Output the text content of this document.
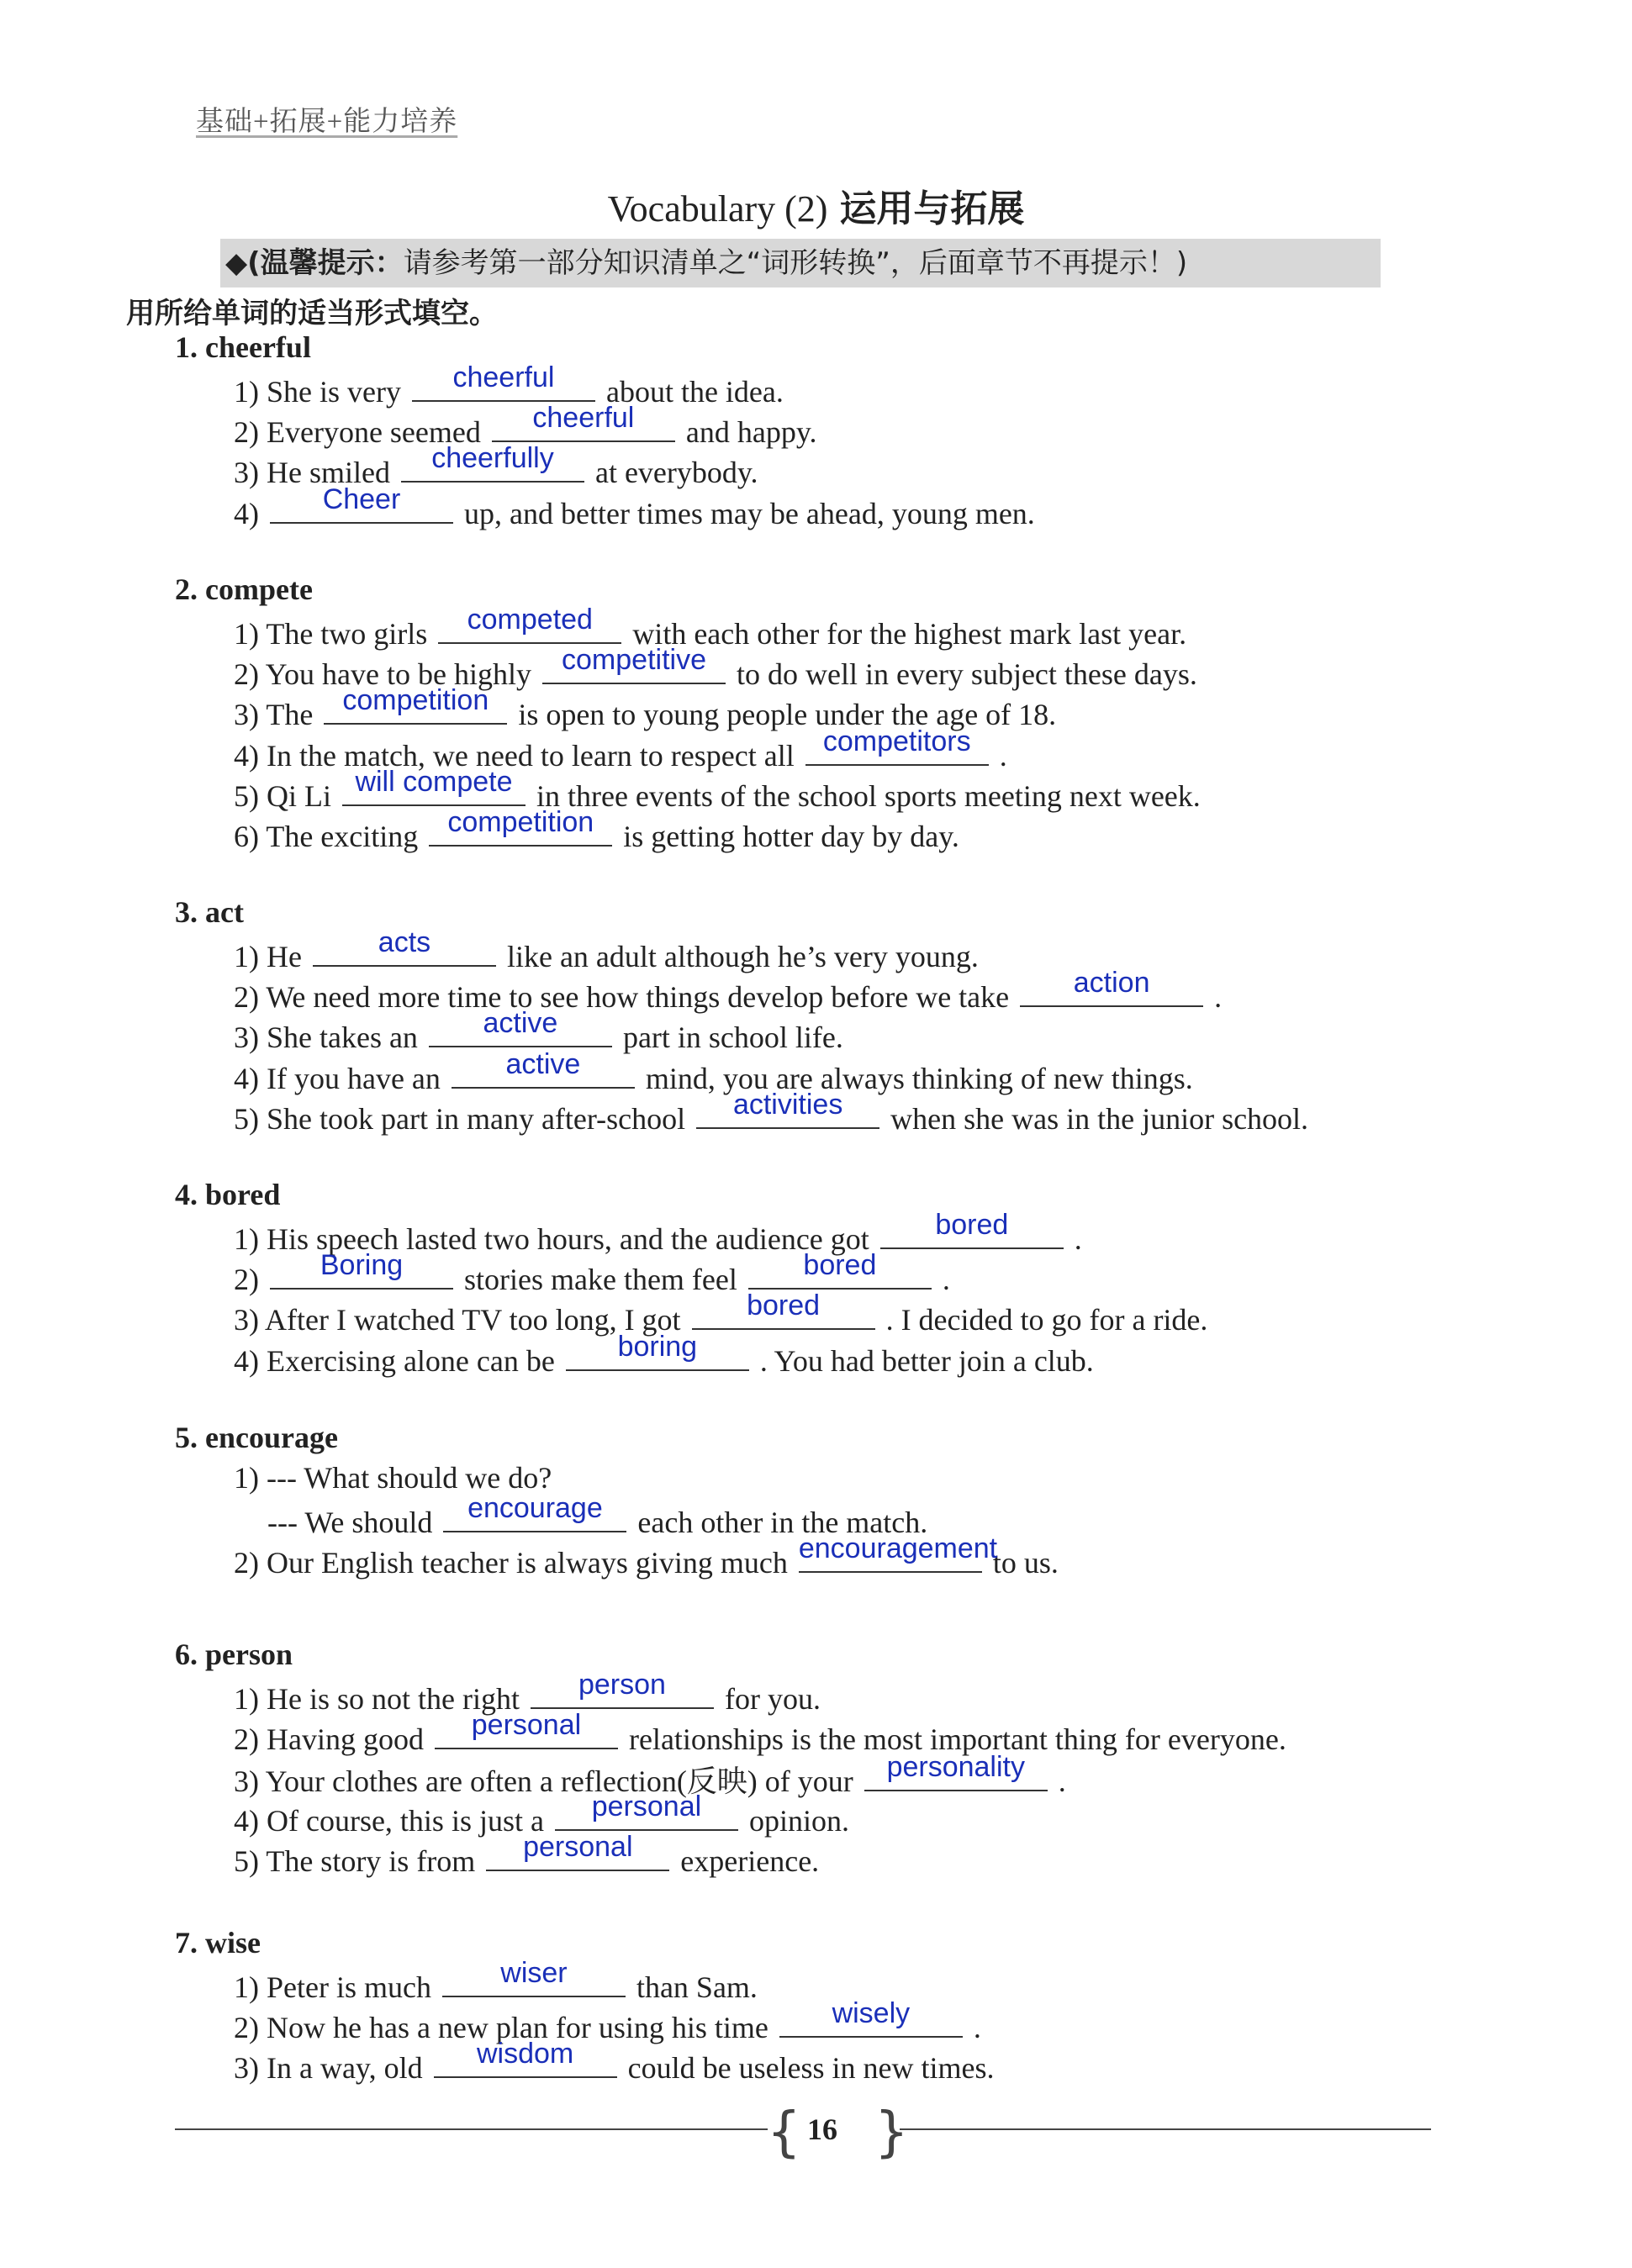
基础+拓展+能力培养
Vocabulary (2) 运用与拓展
◆(温馨提示：请参考第一部分知识清单之“词形转换”，后面章节不再提示！)
用所给单词的适当形式填空。
1. cheerful
1) She is very	cheerful	about the idea.
2) Everyone seemed	cheerful	and happy.
3) He smiled	cheerfully	at everybody.
4)	Cheer	up, and better times may be ahead, young men.
2. compete
1) The two girls	competed	with each other for the highest mark last year.
2) You have to be highly	competitive	to do well in every subject these days.
3) The	competition is open to young people under the age of 18.
4) In the match, we need to learn to respect all	competitors .
5) Qi Li will compete in three events of the school sports meeting next week.
6) The exciting	competition is getting hotter day by day.
3. act
1) He	acts	like an adult although he’s very young.
2) We need more time to see how things develop before we take	action	.
3) She takes an	active	part in school life.
4) If you have an	active	mind, you are always thinking of new things.
5) She took part in many after-school	activities	when she was in the junior school.
4. bored
1) His speech lasted two hours, and the audience got	bored	.
2)	Boring	stories make them feel	bored	.
3) After I watched TV too long, I got	bored	. I decided to go for a ride.
4) Exercising alone can be	boring	. You had better join a club.
5. encourage
1) --- What should we do?
--- We should	encourage	each other in the match.
2) Our English teacher is always giving much encouragement
to us.
6. person
1) He is so not the right	person	for you.
2) Having good	personal	relationships is the most important thing for everyone.
3) Your clothes are often a reflection(反映) of your	personality	.
4) Of course, this is just a	personal	opinion.
5) The story is from	personal	experience.
7. wise
1) Peter is much	wiser	than Sam.
2) Now he has a new plan for using his time	wisely	.
3) In a way, old	wisdom	could be useless in new times.
{ 16 }
